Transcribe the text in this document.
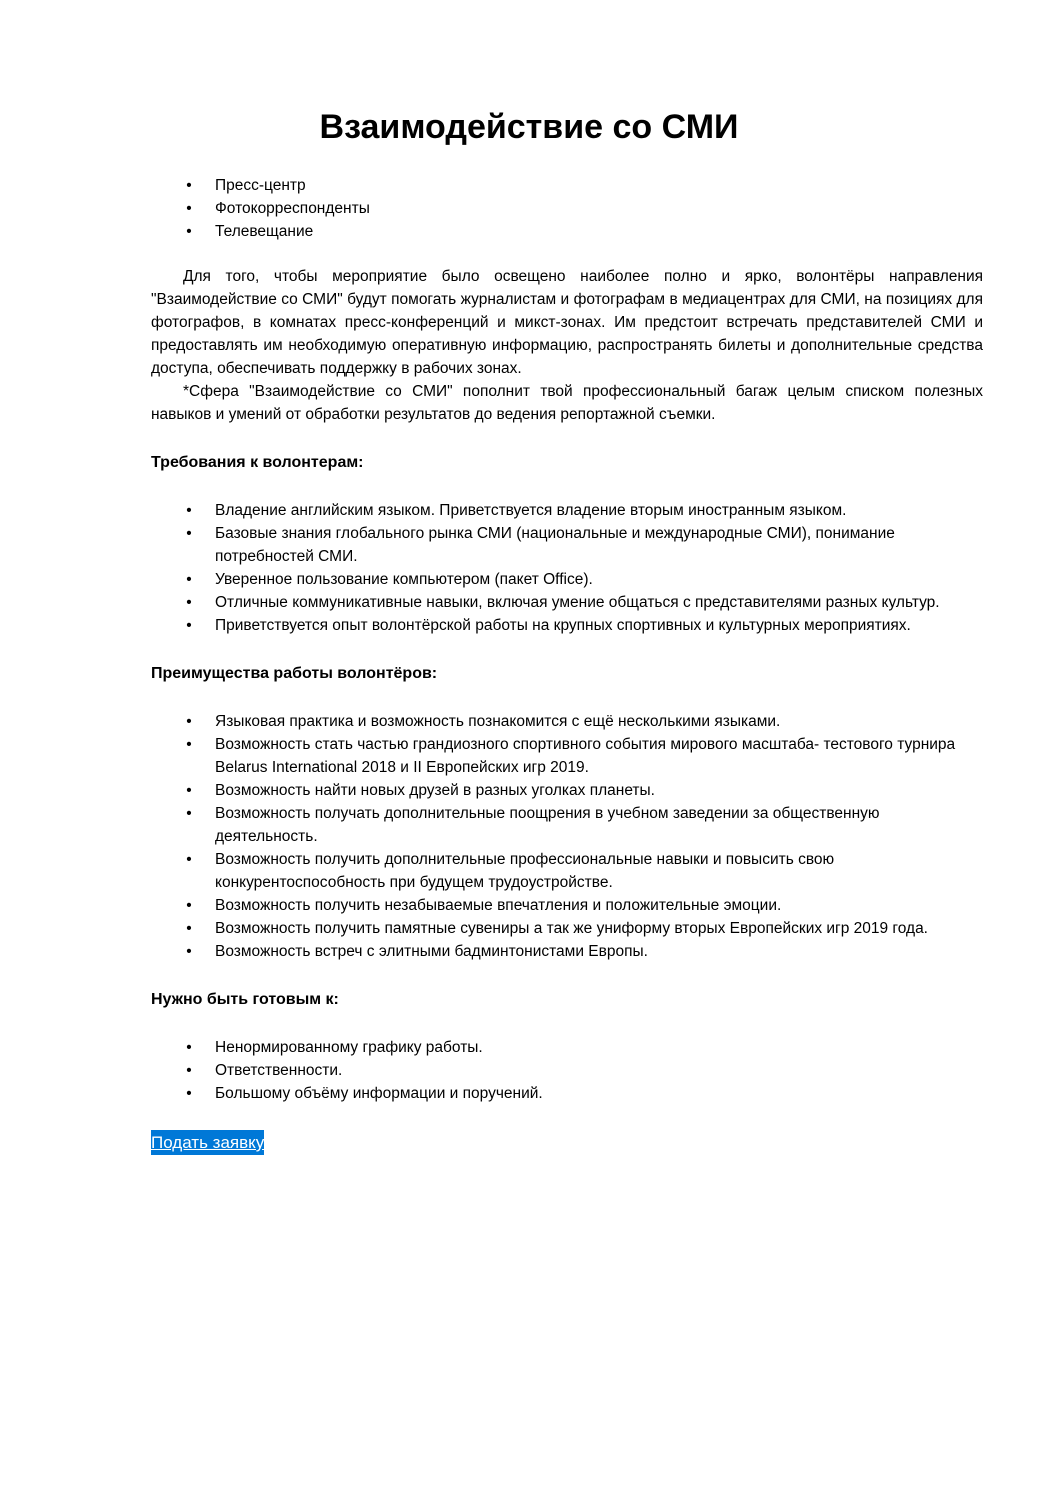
Взаимодействие со СМИ
• Пресс-центр
• Фотокорреспонденты
• Телевещание

Для того, чтобы мероприятие было освещено наиболее полно и ярко, волонтёры направления "Взаимодействие со СМИ" будут помогать журналистам и фотографам в медиацентрах для СМИ, на позициях для фотографов, в комнатах пресс-конференций и микст-зонах. Им предстоит встречать представителей СМИ и предоставлять им необходимую оперативную информацию, распространять билеты и дополнительные средства доступа, обеспечивать поддержку в рабочих зонах.

*Сфера "Взаимодействие со СМИ" пополнит твой профессиональный багаж целым списком полезных навыков и умений от обработки результатов до ведения репортажной съемки.

Требования к волонтерам:

• Владение английским языком. Приветствуется владение вторым иностранным языком.
• Базовые знания глобального рынка СМИ (национальные и международные СМИ), понимание потребностей СМИ.
• Уверенное пользование компьютером (пакет Office).
• Отличные коммуникативные навыки, включая умение общаться с представителями разных культур.
• Приветствуется опыт волонтёрской работы на крупных спортивных и культурных мероприятиях.

Преимущества работы волонтёров:

• Языковая практика и возможность познакомится с ещё несколькими языками.
• Возможность стать частью грандиозного спортивного события мирового масштаба- тестового турнира Belarus International 2018 и II Европейских игр 2019.
• Возможность найти новых друзей в разных уголках планеты.
• Возможность получать дополнительные поощрения в учебном заведении за общественную деятельность.
• Возможность получить дополнительные профессиональные навыки и повысить свою конкурентоспособность при будущем трудоустройстве.
• Возможность получить незабываемые впечатления и положительные эмоции.
• Возможность получить памятные сувениры а так же униформу вторых Европейских игр 2019 года.
• Возможность встреч с элитными бадминтонистами Европы.

Нужно быть готовым к:

• Ненормированному графику работы.
• Ответственности.
• Большому объёму информации и поручений.
Подать заявку
